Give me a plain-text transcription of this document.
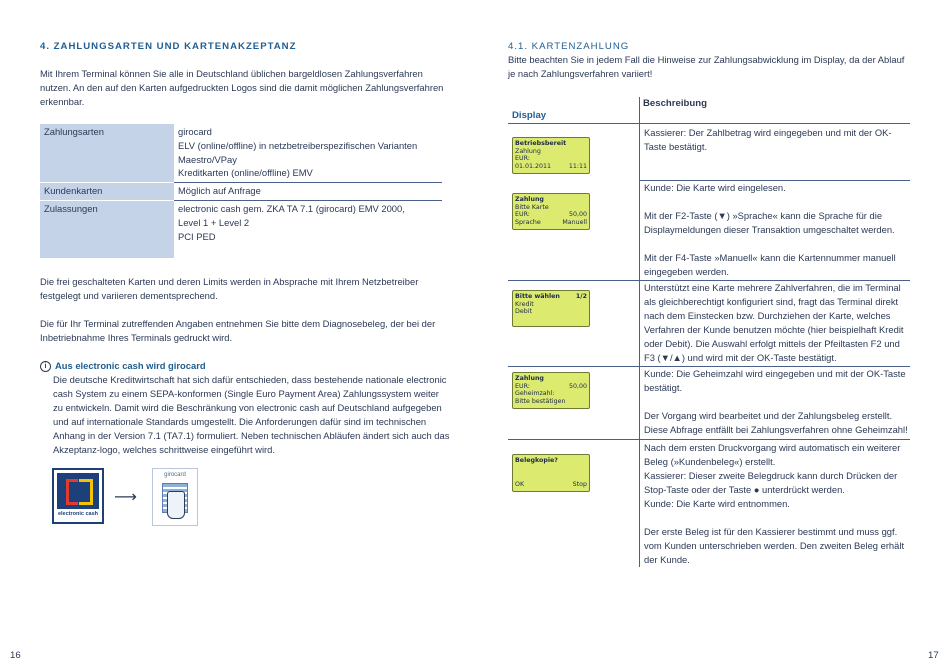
4. ZAHLUNGSARTEN UND KARTENAKZEPTANZ

Mit Ihrem Terminal können Sie alle in Deutschland üblichen bargeldlosen Zahlungsverfahren nutzen. An den auf den Karten aufgedruckten Logos sind die damit möglichen Zahlungsverfahren erkennbar.

Zahlungsarten	girocard
ELV (online/offline) in netzbetreiberspezifischen Varianten
Maestro/VPay
Kreditkarten (online/offline) EMV

Kundenkarten	Möglich auf Anfrage

Zulassungen	electronic cash gem. ZKA TA 7.1 (girocard) EMV 2000,
Level 1 + Level 2
PCI PED

Die frei geschalteten Karten und deren Limits werden in Absprache mit Ihrem Netzbetreiber festgelegt und variieren dementsprechend.

Die für Ihr Terminal zutreffenden Angaben entnehmen Sie bitte dem Diagnosebeleg, der bei der Inbetriebnahme Ihres Terminals gedruckt wird.

i Aus electronic cash wird girocard
Die deutsche Kreditwirtschaft hat sich dafür entschieden, dass bestehende nationale electronic cash System zu einem SEPA-konformen (Single Euro Payment Area) Zahlungssystem weiter zu entwickeln. Damit wird die Beschränkung von electronic cash auf Deutschland aufgegeben und auf internationale Standards umgestellt. Die Anforderungen dafür sind im technischen Anhang in der Version 7.1 (TA7.1) formuliert. Neben technischen Abläufen ändert sich auch das Akzeptanz-logo, welches schrittweise eingeführt wird.
electronic cash
⟶
girocard
16
4.1. KARTENZAHLUNG

Bitte beachten Sie in jedem Fall die Hinweise zur Zahlungsabwicklung im Display, da der Ablauf je nach Zahlungsverfahren variiert!

Display
Beschreibung
Betriebsbereit
Zahlung
EUR:
01.01.2011	11:11

Kassierer: Der Zahlbetrag wird eingegeben und mit der OK- Taste bestätigt.

Zahlung
Bitte Karte
EUR:	50,00
Sprache	Manuell

Kunde: Die Karte wird eingelesen.

Mit der F2-Taste (▼) »Sprache« kann die Sprache für die Displaymeldungen dieser Transaktion umgeschaltet werden.

Mit der F4-Taste »Manuell« kann die Kartennummer manuell eingegeben werden.

Bitte wählen	1/2
Kredit
Debit

Unterstützt eine Karte mehrere Zahlverfahren, die im Terminal als gleichberechtigt konfiguriert sind, fragt das Terminal direkt nach dem Einstecken bzw. Durchziehen der Karte, welches Verfahren der Kunde benutzen möchte (hier beispielhaft Kredit oder Debit). Die Auswahl erfolgt mittels der Pfeiltasten F2 und F3 (▼/▲) und wird mit der OK-Taste bestätigt.

Zahlung
EUR:	50,00
Geheimzahl:
Bitte bestätigen

Kunde: Die Geheimzahl wird eingegeben und mit der OK-Taste bestätigt.

Der Vorgang wird bearbeitet und der Zahlungsbeleg erstellt. Diese Abfrage entfällt bei Zahlungsverfahren ohne Geheimzahl!

Belegkopie?
OK	Stop

Nach dem ersten Druckvorgang wird automatisch ein weiterer Beleg (»Kundenbeleg«) erstellt.
Kassierer: Dieser zweite Belegdruck kann durch Drücken der Stop-Taste oder der Taste ● unterdrückt werden.
Kunde: Die Karte wird entnommen.

Der erste Beleg ist für den Kassierer bestimmt und muss ggf. vom Kunden unterschrieben werden. Den zweiten Beleg erhält der Kunde.

17
